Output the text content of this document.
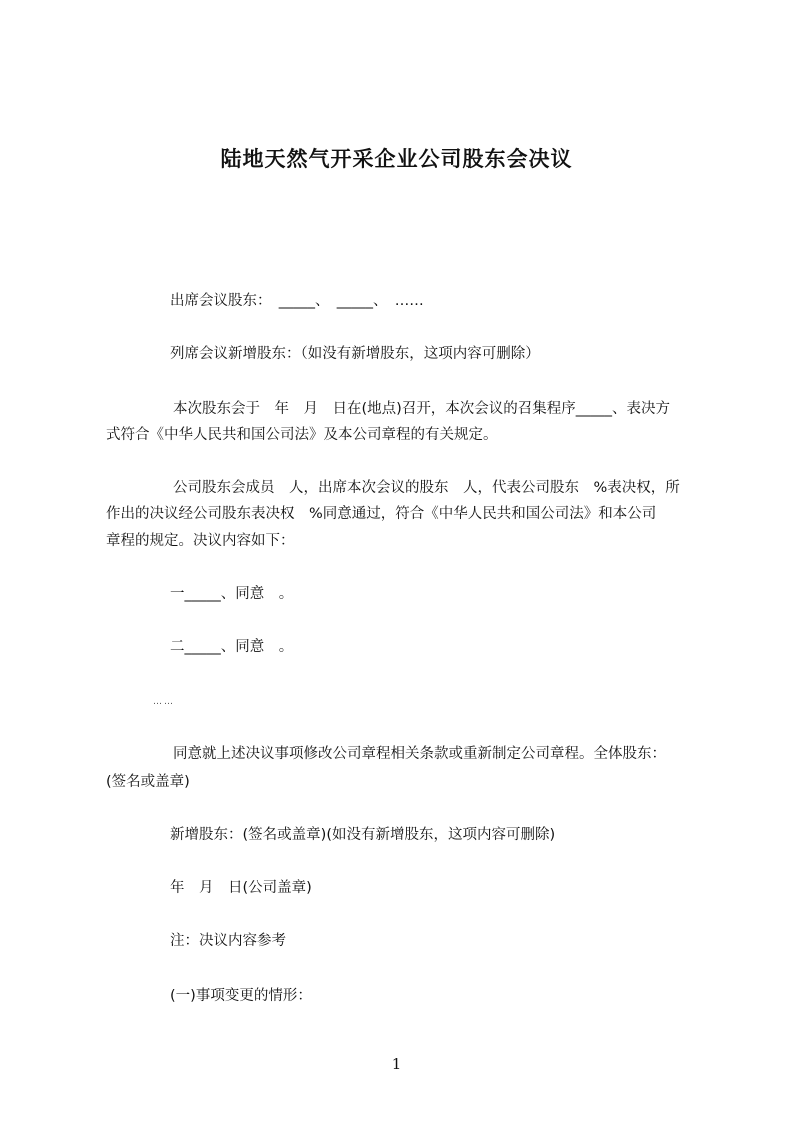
陆地天然气开采企业公司股东会决议
出席会议股东：　_____、　_____、　……
列席会议新增股东：（如没有新增股东，这项内容可删除）
本次股东会于　年　月　日在(地点)召开，本次会议的召集程序_____、表决方
式符合《中华人民共和国公司法》及本公司章程的有关规定。
公司股东会成员　人，出席本次会议的股东　人，代表公司股东　%表决权，所
作出的决议经公司股东表决权　%同意通过，符合《中华人民共和国公司法》和本公司
章程的规定。决议内容如下：
一_____、同意　。
二_____、同意　。
……
同意就上述决议事项修改公司章程相关条款或重新制定公司章程。全体股东：
(签名或盖章)
新增股东：(签名或盖章)(如没有新增股东，这项内容可删除)
年　月　日(公司盖章)
注：决议内容参考
(一)事项变更的情形：
1
